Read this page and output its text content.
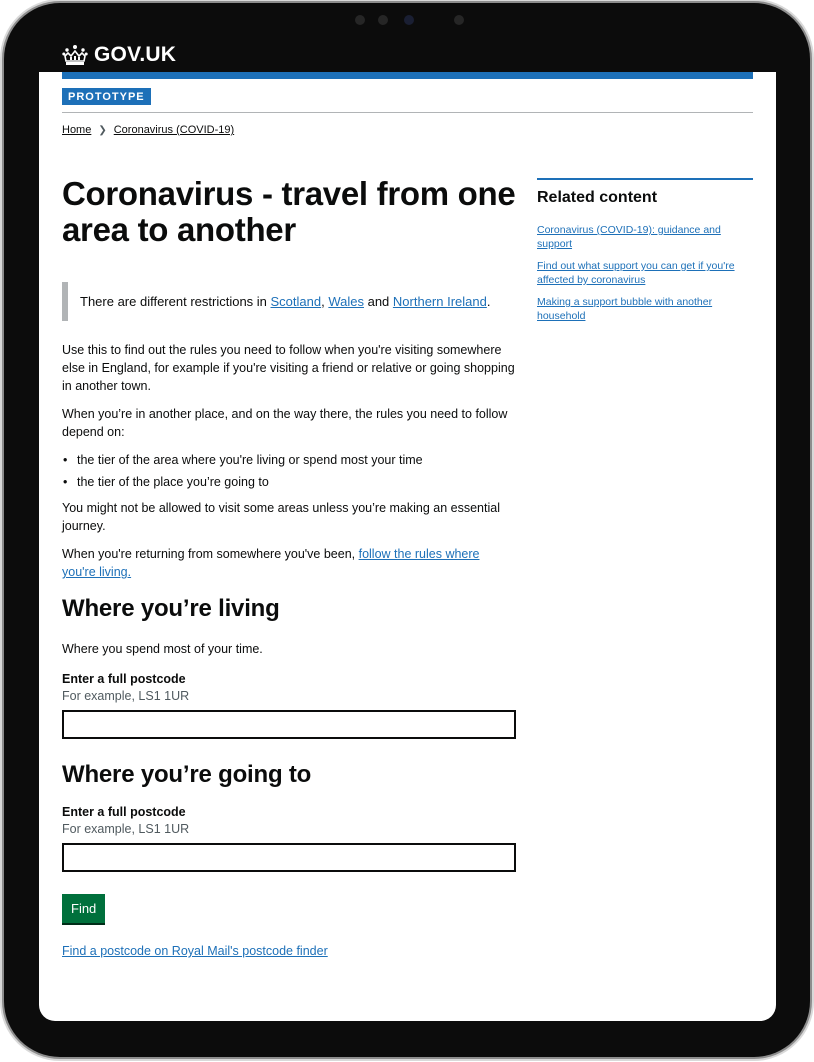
GOV.UK
PROTOTYPE
Home ❯ Coronavirus (COVID-19)
Coronavirus - travel from one area to another
There are different restrictions in Scotland, Wales and Northern Ireland.

Use this to find out the rules you need to follow when you're visiting somewhere else in England, for example if you're visiting a friend or relative or going shopping in another town.

When you’re in another place, and on the way there, the rules you need to follow depend on:

• the tier of the area where you're living or spend most your time
• the tier of the place you’re going to

You might not be allowed to visit some areas unless you’re making an essential journey.

When you're returning from somewhere you've been, follow the rules where you're living.

Where you’re living

Where you spend most of your time.

Enter a full postcode
For example, LS1 1UR
Where you’re going to
Enter a full postcode
For example, LS1 1UR
Find

Find a postcode on Royal Mail's postcode finder

Related content
Coronavirus (COVID-19): guidance and support
Find out what support you can get if you're affected by coronavirus
Making a support bubble with another household
